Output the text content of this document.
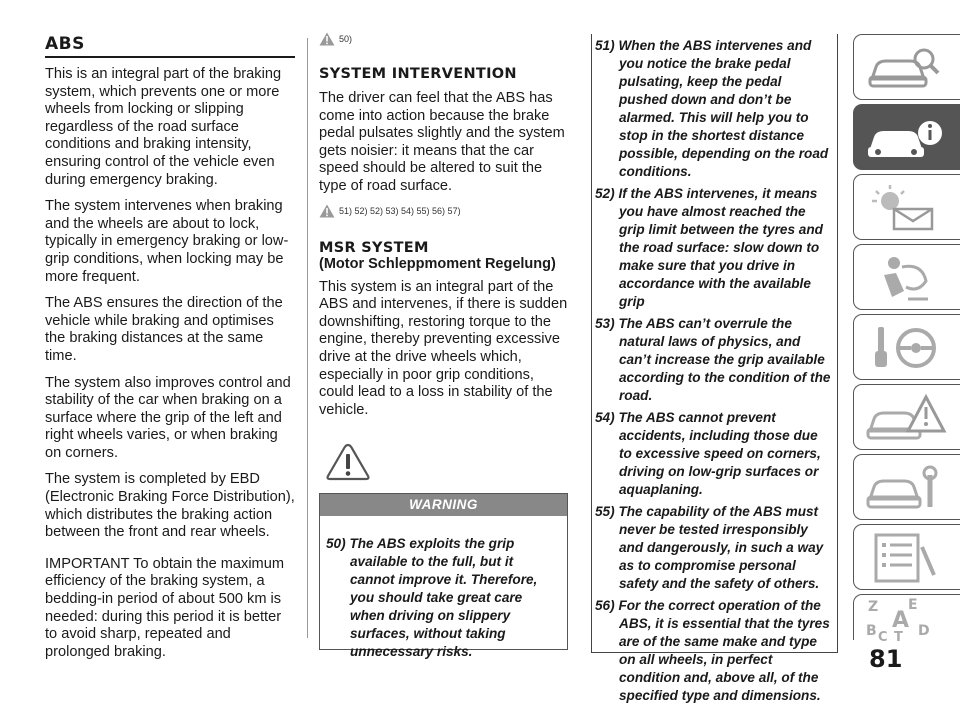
ABS

This is an integral part of the braking system, which prevents one or more wheels from locking or slipping regardless of the road surface conditions and braking intensity, ensuring control of the vehicle even during emergency braking.

The system intervenes when braking and the wheels are about to lock, typically in emergency braking or low-grip conditions, when locking may be more frequent.

The ABS ensures the direction of the vehicle while braking and optimises the braking distances at the same time.

The system also improves control and stability of the car when braking on a surface where the grip of the left and right wheels varies, or when braking on corners.

The system is completed by EBD (Electronic Braking Force Distribution), which distributes the braking action between the front and rear wheels.

IMPORTANT To obtain the maximum efficiency of the braking system, a bedding-in period of about 500 km is needed: during this period it is better to avoid sharp, repeated and prolonged braking.

50)
SYSTEM INTERVENTION

The driver can feel that the ABS has come into action because the brake pedal pulsates slightly and the system gets noisier: it means that the car speed should be altered to suit the type of road surface.

51) 52) 52) 53) 54) 55) 56) 57)
MSR SYSTEM
(Motor Schleppmoment Regelung)

This system is an integral part of the ABS and intervenes, if there is sudden downshifting, restoring torque to the engine, thereby preventing excessive drive at the drive wheels which, especially in poor grip conditions, could lead to a loss in stability of the vehicle.

WARNING
50) The ABS exploits the grip available to the full, but it cannot improve it. Therefore, you should take great care when driving on slippery surfaces, without taking unnecessary risks.
51) When the ABS intervenes and you notice the brake pedal pulsating, keep the pedal pushed down and don’t be alarmed. This will help you to stop in the shortest distance possible, depending on the road conditions.
52) If the ABS intervenes, it means you have almost reached the grip limit between the tyres and the road surface: slow down to make sure that you drive in accordance with the available grip
53) The ABS can’t overrule the natural laws of physics, and can’t increase the grip available according to the condition of the road.
54) The ABS cannot prevent accidents, including those due to excessive speed on corners, driving on low-grip surfaces or aquaplaning.
55) The capability of the ABS must never be tested irresponsibly and dangerously, in such a way as to compromise personal safety and the safety of others.
56) For the correct operation of the ABS, it is essential that the tyres are of the same make and type on all wheels, in perfect condition and, above all, of the specified type and dimensions.
Z E
B A D
C T
81
